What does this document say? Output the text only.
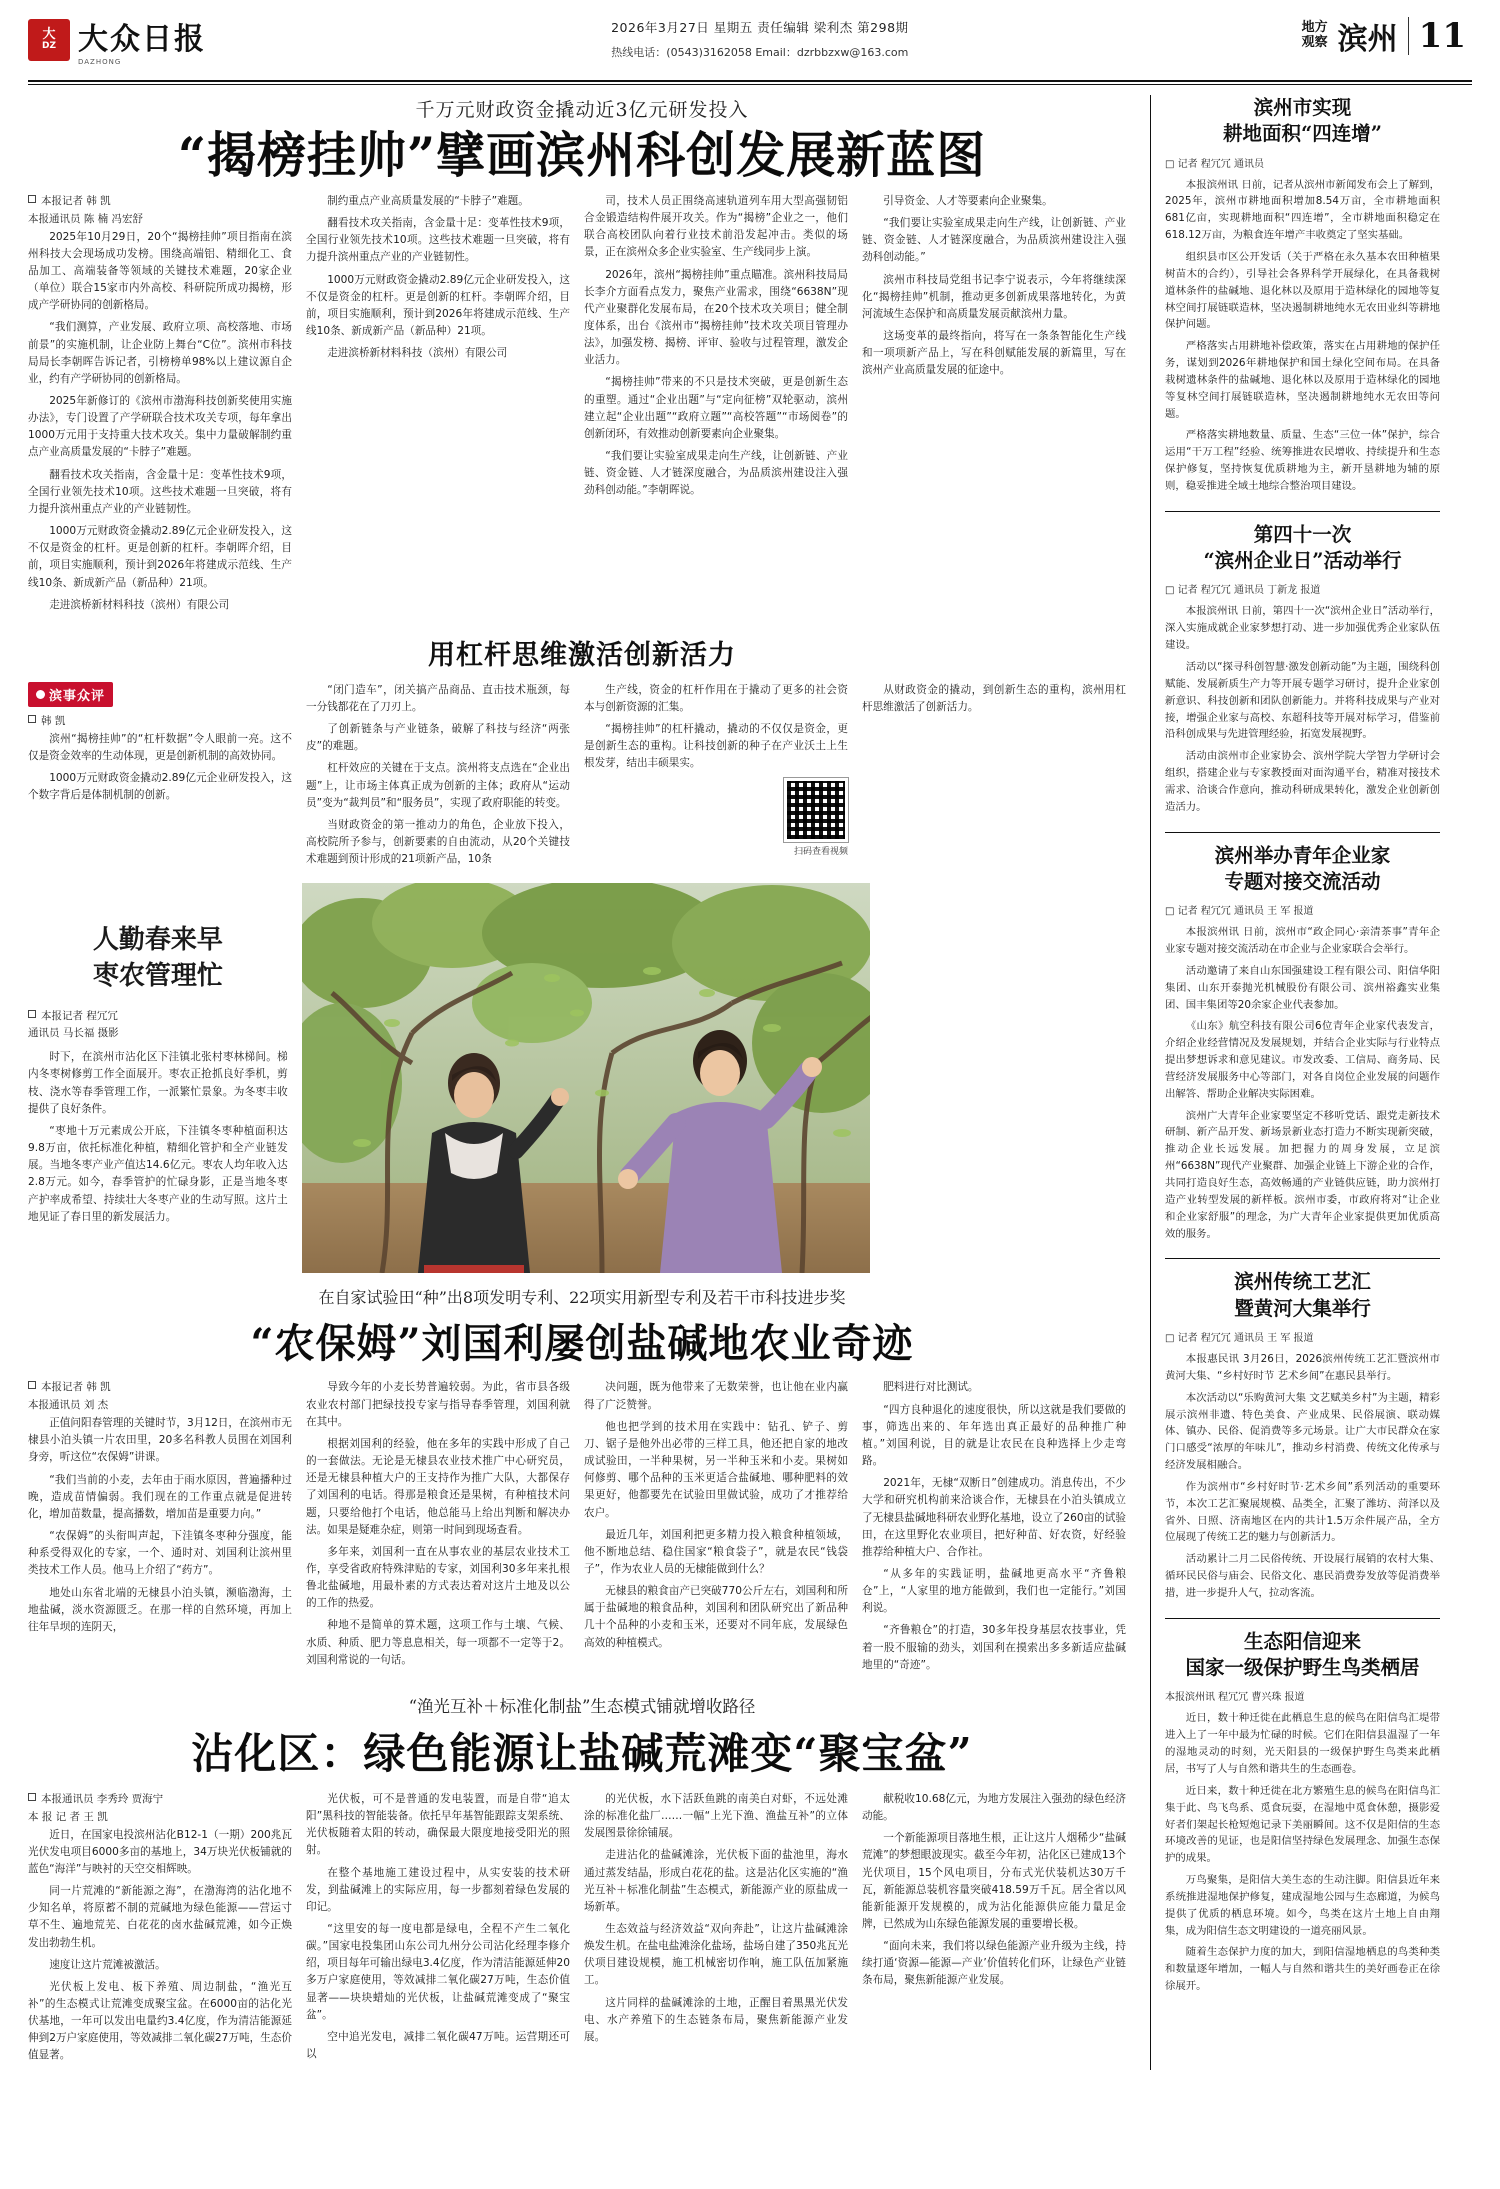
大
DZ 大众日报
DAZHONG
2026年3月27日 星期五 责任编辑 梁利杰 第298期
热线电话：(0543)3162058 Email：dzrbbzxw@163.com
地方
观察 滨州 11
千万元财政资金撬动近3亿元研发投入
“揭榜挂帅”擘画滨州科创发展新蓝图
本报记者 韩 凯
本报通讯员 陈 楠 冯宏舒

2025年10月29日，20个“揭榜挂帅”项目指南在滨州科技大会现场成功发榜。围绕高端铝、精细化工、食品加工、高端装备等领域的关键技术难题，20家企业（单位）联合15家市内外高校、科研院所成功揭榜，形成产学研协同的创新格局。

“我们测算，产业发展、政府立项、高校落地、市场前景”的实施机制，让企业防上舞台“C位”。滨州市科技局局长李朝晖告诉记者，引榜榜单98%以上建议源自企业，约有产学研协同的创新格局。

2025年新修订的《滨州市渤海科技创新奖使用实施办法》，专门设置了产学研联合技术攻关专项，每年拿出1000万元用于支持重大技术攻关。集中力量破解制约重点产业高质量发展的“卡脖子”难题。

翻看技术攻关指南，含金量十足：变革性技术9项，全国行业领先技术10项。这些技术难题一旦突破，将有力提升滨州重点产业的产业链韧性。

1000万元财政资金撬动2.89亿元企业研发投入，这不仅是资金的杠杆。更是创新的杠杆。李朝晖介绍，目前，项目实施顺利，预计到2026年将建成示范线、生产线10条、新成新产品（新品种）21项。

走进滨桥新材料科技（滨州）有限公司

制约重点产业高质量发展的“卡脖子”难题。

翻看技术攻关指南，含金量十足：变革性技术9项，全国行业领先技术10项。这些技术难题一旦突破，将有力提升滨州重点产业的产业链韧性。

1000万元财政资金撬动2.89亿元企业研发投入，这不仅是资金的杠杆。更是创新的杠杆。李朝晖介绍，目前，项目实施顺利，预计到2026年将建成示范线、生产线10条、新成新产品（新品种）21项。

走进滨桥新材料科技（滨州）有限公司

司，技术人员正围绕高速轨道列车用大型高强韧铝合金锻造结构件展开攻关。作为“揭榜”企业之一，他们联合高校团队向着行业技术前沿发起冲击。类似的场景，正在滨州众多企业实验室、生产线同步上演。

2026年，滨州“揭榜挂帅”重点瞄准。滨州科技局局长李介方面看点发力，聚焦产业需求，围绕“6638N”现代产业聚群化发展布局，在20个技术攻关项目；健全制度体系，出台《滨州市“揭榜挂帅”技术攻关项目管理办法》，加强发榜、揭榜、评审、验收与过程管理，激发企业活力。

“揭榜挂帅”带来的不只是技术突破，更是创新生态的重塑。通过“企业出题”与“定向征榜”双轮驱动，滨州建立起“企业出题”“政府立题”“高校答题”“市场阅卷”的创新闭环，有效推动创新要素向企业聚集。

“我们要让实验室成果走向生产线，让创新链、产业链、资金链、人才链深度融合，为品质滨州建设注入强劲科创动能。”李朝晖说。

引导资金、人才等要素向企业聚集。

“我们要让实验室成果走向生产线，让创新链、产业链、资金链、人才链深度融合，为品质滨州建设注入强劲科创动能。”

滨州市科技局党组书记李宁说表示，今年将继续深化“揭榜挂帅”机制，推动更多创新成果落地转化，为黄河流域生态保护和高质量发展贡献滨州力量。

这场变革的最终指向，将写在一条条智能化生产线和一项项新产品上，写在科创赋能发展的新篇里，写在滨州产业高质量发展的征途中。

用杠杆思维激活创新活力
滨事众评
韩 凯

滨州“揭榜挂帅”的“杠杆数据”令人眼前一亮。这不仅是资金效率的生动体现，更是创新机制的高效协同。

1000万元财政资金撬动2.89亿元企业研发投入，这个数字背后是体制机制的创新。

“闭门造车”，闭关搞产品商品、直击技术瓶颈，每一分钱都花在了刀刃上。

了创新链条与产业链条，破解了科技与经济“两张皮”的难题。

杠杆效应的关键在于支点。滨州将支点选在“企业出题”上，让市场主体真正成为创新的主体；政府从“运动员”变为“裁判员”和“服务员”，实现了政府职能的转变。

当财政资金的第一推动力的角色，企业放下投入，高校院所予参与，创新要素的自由流动，从20个关键技术难题到预计形成的21项新产品，10条

生产线，资金的杠杆作用在于撬动了更多的社会资本与创新资源的汇集。

“揭榜挂帅”的杠杆撬动，撬动的不仅仅是资金，更是创新生态的重构。让科技创新的种子在产业沃土上生根发芽，结出丰硕果实。

扫码查看视频

从财政资金的撬动，到创新生态的重构，滨州用杠杆思维激活了创新活力。

人勤春来早
枣农管理忙
本报记者 程冗冗
通讯员 马长福 摄影

时下，在滨州市沾化区下洼镇北张村枣林梯间。梯内冬枣树修剪工作全面展开。枣农正抢抓良好季机，剪枝、浇水等春季管理工作，一派繁忙景象。为冬枣丰收提供了良好条件。

“枣地十万元素成公开底，下洼镇冬枣种植面积达9.8万亩，依托标准化种植，精细化管护和全产业链发展。当地冬枣产业产值达14.6亿元。枣农人均年收入达2.8万元。如今，春季管护的忙碌身影，正是当地冬枣产护率成希望、持续壮大冬枣产业的生动写照。这片土地见证了春日里的新发展活力。

在自家试验田“种”出8项发明专利、22项实用新型专利及若干市科技进步奖
“农保姆”刘国利屡创盐碱地农业奇迹
本报记者 韩 凯
本报通讯员 刘 杰

正值问阳春管理的关键时节，3月12日，在滨州市无棣县小泊头镇一片农田里，20多名科教人员围在刘国利身旁，听这位“农保姆”讲课。

“我们当前的小麦，去年由于雨水原因，普遍播种过晚，造成苗情偏弱。我们现在的工作重点就是促进转化，增加苗数量，提高播数，增加苗是重要力向。”

“农保姆”的头衔叫声起，下洼镇冬枣种分强度，能种系受得双化的专家，一个、通时对、刘国利让滨州里类技术工作人员。他马上介绍了“药方”。

地处山东省北端的无棣县小泊头镇，濒临渤海，土地盐碱，淡水资源匮乏。在那一样的自然环境，再加上往年旱坝的连阴天，

导致今年的小麦长势普遍较弱。为此，省市县各级农业农村部门把绿技投专家与指导春季管理，刘国利就在其中。

根据刘国利的经验，他在多年的实践中形成了自己的一套做法。无论是无棣县农业技术推广中心研究员，还是无棣县种植大户的王支持作为推广大队，大都保存了刘国利的电话。得那是粮食还是果树，有种植技术问题，只要给他打个电话，他总能马上给出判断和解决办法。如果是疑难杂症，则第一时间到现场查看。

多年来，刘国利一直在从事农业的基层农业技术工作，享受省政府特殊津贴的专家，刘国利30多年来扎根鲁北盐碱地，用最朴素的方式表达着对这片土地及以公的工作的热爱。

种地不是简单的算术题，这项工作与土壤、气候、水质、种质、肥力等息息相关，每一项都不一定等于2。刘国利常说的一句话。

决问题，既为他带来了无数荣誉，也让他在业内赢得了广泛赞誉。

他也把学到的技术用在实践中：钻孔、铲子、剪刀、锯子是他外出必带的三样工具，他还把自家的地改成试验田，一半种果树，另一半种玉米和小麦。果树如何修剪、哪个品种的玉米更适合盐碱地、哪种肥料的效果更好，他都要先在试验田里做试验，成功了才推荐给农户。

最近几年，刘国利把更多精力投入粮食种植领域，他不断地总结、稳住国家“粮食袋子”，就是农民“钱袋子”，作为农业人员的无棣能做到什么？

无棣县的粮食亩产已突破770公斤左右，刘国利和所属于盐碱地的粮食品种，刘国利和团队研究出了新品种几十个品种的小麦和玉米，还要对不同年底，发展绿色高效的种植模式。

肥料进行对比测试。

“四方良种退化的速度很快，所以这就是我们要做的事，筛选出来的、年年选出真正最好的品种推广种植。”刘国利说，目的就是让农民在良种选择上少走弯路。

2021年，无棣“双断日”创建成功。消息传出，不少大学和研究机构前来洽谈合作，无棣县在小泊头镇成立了无棣县盐碱地科研农业野化基地，设立了260亩的试验田，在这里野化农业项目，把好种苗、好农资，好经验推荐给种植大户、合作社。

“从多年的实践证明，盐碱地更高水平“齐鲁粮仓”上，“人家里的地方能做到，我们也一定能行。”刘国利说。

“齐鲁粮仓”的打造，30多年投身基层农技事业，凭着一股不服输的劲头，刘国利在摸索出多多新适应盐碱地里的“奇迹”。

“渔光互补＋标准化制盐”生态模式铺就增收路径
沾化区：绿色能源让盐碱荒滩变“聚宝盆”
本报通讯员 李秀玲 贾海宁
本 报 记 者 王 凯

近日，在国家电投滨州沾化B12-1（一期）200兆瓦光伏发电项目6000多亩的基地上，34万块光伏板铺就的蓝色“海洋”与映衬的天空交相辉映。

同一片荒滩的“新能源之海”，在渤海湾的沾化地不少知名单，将原蓄不制的荒碱地为绿色能源——营运寸草不生、遍地荒芜、白花花的卤水盐碱荒滩，如今正焕发出勃勃生机。

速度让这片荒滩被激活。

光伏板上发电、板下养殖、周边制盐，“渔光互补”的生态模式让荒滩变成聚宝盆。在6000亩的沾化光伏基地，一年可以发出电量约3.4亿度，作为清洁能源延伸到2万户家庭使用，等效减排二氧化碳27万吨，生态价值显著。

光伏板，可不是普通的发电装置，而是自带“追太阳”黑科技的智能装备。依托早年基智能跟踪支架系统、光伏板随着太阳的转动，确保最大限度地接受阳光的照射。

在整个基地施工建设过程中，从实安装的技术研发，到盐碱滩上的实际应用，每一步都刻着绿色发展的印记。

“这里安的每一度电都是绿电，全程不产生二氧化碳。”国家电投集团山东公司九州分公司沾化经理李修介绍，项目每年可输出绿电3.4亿度，作为清洁能源延伸20多万户家庭使用，等效减排二氧化碳27万吨，生态价值显著——块块蜡灿的光伏板，让盐碱荒滩变成了“聚宝盆”。

空中追光发电，减排二氧化碳47万吨。运营期还可以

的光伏板，水下活跃鱼跳的南美白对虾，不远处滩涂的标准化盐厂……一幅“上光下渔、渔盐互补”的立体发展图景徐徐铺展。

走进沾化的盐碱滩涂，光伏板下面的盐池里，海水通过蒸发结晶，形成白花花的盐。这是沾化区实施的“渔光互补＋标准化制盐”生态模式，新能源产业的原盐成一场新革。

生态效益与经济效益“双向奔赴”，让这片盐碱滩涂焕发生机。在盐电盐滩涂化盐场，盐场自建了350兆瓦光伏项目建设规模，施工机械密切作响，施工队伍加紧施工。

这片同样的盐碱滩涂的土地，正醒目着黑黑光伏发电、水产养殖下的生态链条布局，聚焦新能源产业发展。

献税收10.68亿元，为地方发展注入强劲的绿色经济动能。

一个新能源项目落地生根，正让这片人烟稀少“盐碱荒滩”的梦想眼波现实。截至今年初，沾化区已建成13个光伏项目，15个风电项目，分布式光伏装机达30万千瓦，新能源总装机容量突破418.59万千瓦。居全省以风能新能源开发规模的，成为沾化能源供应能力量足金牌，已然成为山东绿色能源发展的重要增长极。

“面向未来，我们将以绿色能源产业升级为主线，持续打通‘资源—能源—产业’价值转化们环，让绿色产业链条布局，聚焦新能源产业发展。

滨州市实现
耕地面积“四连增”
□ 记者 程冗冗 通讯员

本报滨州讯 日前，记者从滨州市新闻发布会上了解到，2025年，滨州市耕地面积增加8.54万亩，全市耕地面积681亿亩，实现耕地面积“四连增”，全市耕地面积稳定在618.12万亩，为粮食连年增产丰收奠定了坚实基础。

组织县市区公开发话（关于严格在永久基本农田种植果树苗木的合约），引导社会各界科学开展绿化，在具备栽树道林条件的盐碱地、退化林以及原用于造林绿化的园地等复林空间打展链联造林，坚决遏制耕地纯水无农田业纠等耕地保护问题。

严格落实占用耕地补偿政策，落实在占用耕地的保护任务，谋划到2026年耕地保护和国土绿化空间布局。在具备栽树遗林条件的盐碱地、退化林以及原用于造林绿化的园地等复林空间打展链联造林，坚决遏制耕地纯水无农田等问题。

严格落实耕地数量、质量、生态“三位一体”保护，综合运用“干万工程”经验、统筹推进农民增收、持续提升和生态保护修复，坚持恢复优质耕地为主，新开垦耕地为辅的原则，稳妥推进全域土地综合整治项目建设。

第四十一次
“滨州企业日”活动举行
□ 记者 程冗冗 通讯员 丁新龙 报道

本报滨州讯 日前，第四十一次“滨州企业日”活动举行，深入实施成就企业家梦想打动、进一步加强优秀企业家队伍建设。

活动以“探寻科创智慧·激发创新动能”为主题，围绕科创赋能、发展新质生产力等开展专题学习研讨，提升企业家创新意识、科技创新和团队创新能力。并将科技成果与产业对接，增强企业家与高校、东超科技等开展对标学习，借鉴前沿科创成果与先进管理经验，拓宽发展视野。

活动由滨州市企业家协会、滨州学院大学智力学研讨会组织，搭建企业与专家教授面对面沟通平台，精准对接技术需求、洽谈合作意向，推动科研成果转化，激发企业创新创造活力。

滨州举办青年企业家
专题对接交流活动
□ 记者 程冗冗 通讯员 王 军 报道

本报滨州讯 日前，滨州市“政企同心·亲清茶事”青年企业家专题对接交流活动在市企业与企业家联合会举行。

活动邀请了来自山东国强建设工程有限公司、阳信华阳集团、山东开泰抛光机械股份有限公司、滨州裕鑫实业集团、国丰集团等20余家企业代表参加。

《山东》航空科技有限公司6位青年企业家代表发言，介绍企业经营情况及发展规划，并结合企业实际与行业特点提出梦想诉求和意见建议。市发改委、工信局、商务局、民营经济发展服务中心等部门，对各自岗位企业发展的问题作出解答、帮助企业解决实际困难。

滨州广大青年企业家要坚定不移听党话、跟党走新技术研制、新产品开发、新场景新业态打造力不断实现新突破，推动企业长远发展。加把握力的周身发展，立足滨州“6638N”现代产业聚群、加强企业链上下游企业的合作，共同打造良好生态，高效畅通的产业链供应链，助力滨州打造产业转型发展的新样板。滨州市委，市政府将对“让企业和企业家舒服”的理念，为广大青年企业家提供更加优质高效的服务。

滨州传统工艺汇
暨黄河大集举行
□ 记者 程冗冗 通讯员 王 军 报道

本报惠民讯 3月26日，2026滨州传统工艺汇暨滨州市黄河大集、“乡村好时节 艺术乡间”在惠民县举行。

本次活动以“乐购黄河大集 文艺赋美乡村”为主题，精彩展示滨州非遗、特色美食、产业成果、民俗展演、联动媒体、镇办、民俗、促消费等多元场景。让广大市民群众在家门口感受“浓厚的年味儿”，推动乡村消费、传统文化传承与经济发展相融合。

作为滨州市“乡村好时节·艺术乡间”系列活动的重要环节，本次工艺汇聚展规模、品类全，汇聚了潍坊、菏泽以及省外、日照、济南地区在内的共计1.5万余件展产品，全方位展现了传统工艺的魅力与创新活力。

活动累计二月二民俗传统、开设展行展销的农村大集、循环民民俗与庙会、民俗文化、惠民消费券发放等促消费举措，进一步提升人气，拉动客流。

生态阳信迎来
国家一级保护野生鸟类栖居
本报滨州讯 程冗冗 曹兴珠 报道

近日，数十种迁徙在此栖息生息的候鸟在阳信鸟汇堤带进入上了一年中最为忙碌的时候。它们在阳信县温湿了一年的湿地灵动的时刻，光天阳县的一级保护野生鸟类来此栖居，书写了人与自然和谐共生的生态画卷。

近日来，数十种迁徙在北方繁殖生息的候鸟在阳信鸟汇集于此、鸟飞鸟系、觅食玩耍，在湿地中觅食休憩，摄影爱好者们架起长枪短炮记录下美丽瞬间。这不仅是阳信的生态环境改善的见证，也是阳信坚持绿色发展理念、加强生态保护的成果。

万鸟聚集，是阳信大美生态的生动注脚。阳信县近年来系统推进湿地保护修复，建成湿地公园与生态廊道，为候鸟提供了优质的栖息环境。如今，鸟类在这片土地上自由翔集，成为阳信生态文明建设的一道亮丽风景。

随着生态保护力度的加大，到阳信湿地栖息的鸟类种类和数量逐年增加，一幅人与自然和谐共生的美好画卷正在徐徐展开。
